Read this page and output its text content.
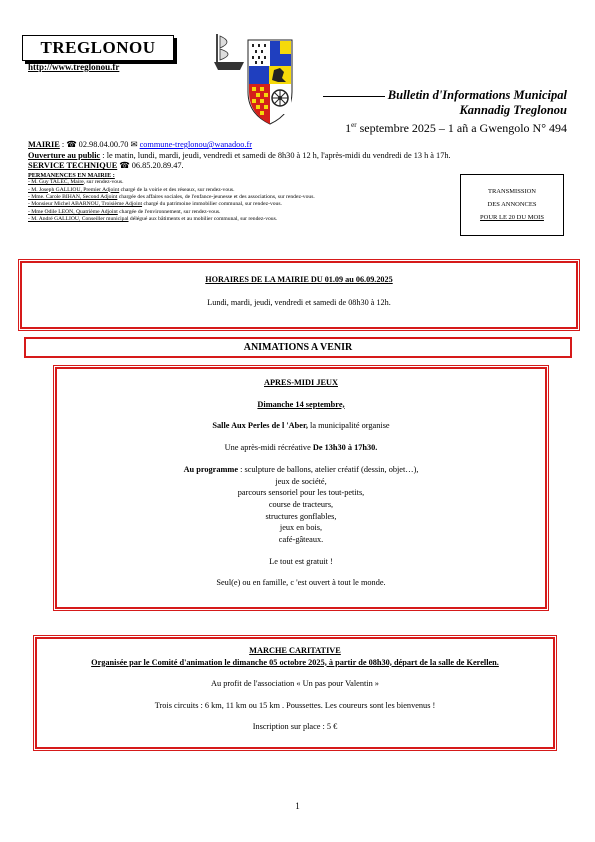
TREGLONOU
http://www.treglonou.fr
Bulletin d'Informations Municipal
Kannadig Treglonou
1er septembre 2025 – 1 añ a Gwengolo N° 494
MAIRIE : ☎ 02.98.04.00.70 ✉ commune-treglonou@wanadoo.fr
Ouverture au public : le matin, lundi, mardi, jeudi, vendredi et samedi de 8h30 à 12 h, l'après-midi du vendredi de 13 h à 17h.
SERVICE TECHNIQUE ☎ 06.85.20.89.47.
PERMANENCES EN MAIRIE :
- M. Guy TALEC, Maire, sur rendez-vous.
- M. Joseph GALLIOU, Premier Adjoint chargé de la voirie et des réseaux, sur rendez-vous.
- Mme. Carole BIHAN, Second Adjoint chargée des affaires sociales, de l'enfance-jeunesse et des associations, sur rendez-vous.
- Monsieur Michel ABARNOU, Troisième Adjoint chargé du patrimoine immobilier communal, sur rendez-vous.
- Mme Odile LEON, Quatrième Adjoint chargée de l'environnement, sur rendez-vous.
- M. André GALLIOU, Conseiller municipal délégué aux bâtiments et au mobilier communal, sur rendez-vous.
TRANSMISSION
DES ANNONCES
POUR LE 20 DU MOIS
HORAIRES DE LA MAIRIE DU 01.09 au 06.09.2025
Lundi, mardi, jeudi, vendredi et samedi de 08h30 à 12h.
ANIMATIONS A VENIR

APRES-MIDI JEUX

Dimanche 14 septembre,

Salle Aux Perles de l 'Aber, la municipalité organise

Une après-midi récréative De 13h30 à 17h30.

Au programme : sculpture de ballons, atelier créatif (dessin, objet…),

jeux de société,

parcours sensoriel pour les tout-petits,

course de tracteurs,

structures gonflables,

jeux en bois,

café-gâteaux.

Le tout est gratuit !

Seul(e) ou en famille, c 'est ouvert à tout le monde.

MARCHE CARITATIVE

Organisée par le Comité d'animation le dimanche 05 octobre 2025, à partir de 08h30, départ de la salle de Kerellen.

Au profit de l'association « Un pas pour Valentin »

Trois circuits : 6 km, 11 km ou 15 km . Poussettes. Les coureurs sont les bienvenus !

Inscription sur place : 5 €

1
